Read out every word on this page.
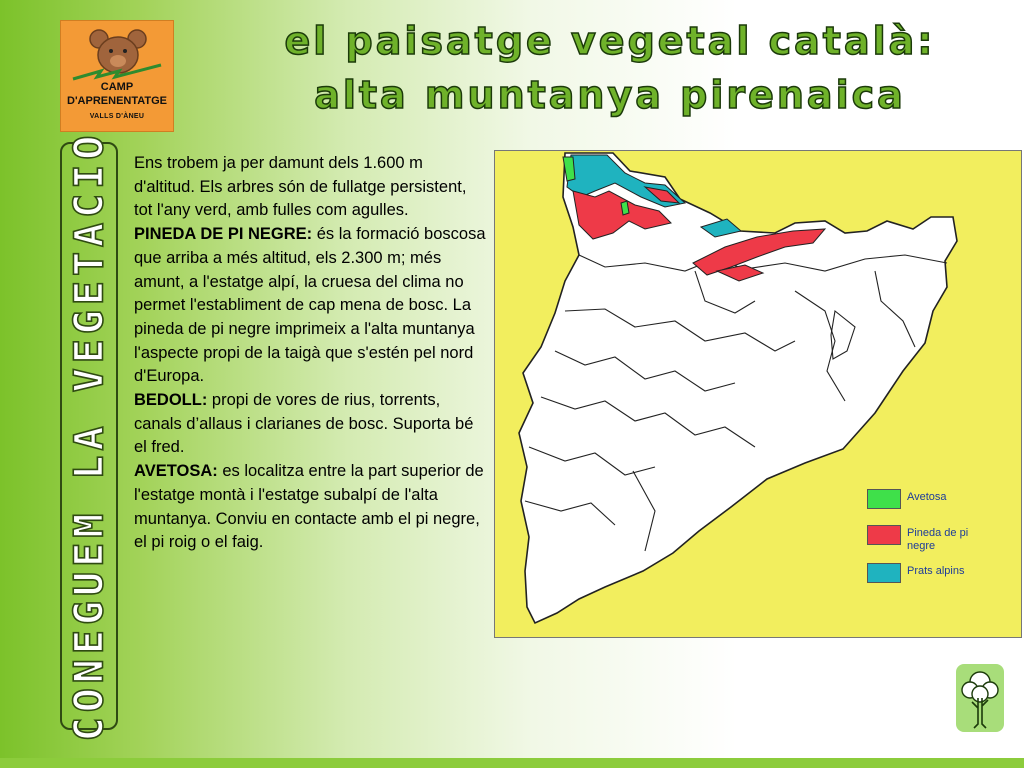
CAMP
D'APRENENTATGE
VALLS D'ÀNEU
el paisatge vegetal català:
alta muntanya pirenaica
CONEGUEM LA VEGETACIO Ens trobem ja per damunt dels 1.600 m d'altitud. Els arbres són de fullatge persistent, tot l'any verd, amb fulles com agulles.

PINEDA DE PI NEGRE: és la formació boscosa que arriba a més altitud, els 2.300 m; més amunt, a l'estatge alpí, la cruesa del clima no permet l'establiment de cap mena de bosc. La pineda de pi negre imprimeix a l'alta muntanya l'aspecte propi de la taigà que s'estén pel nord d'Europa.

BEDOLL: propi de vores de rius, torrents, canals d’allaus i clarianes de bosc. Suporta bé el fred.

AVETOSA: es localitza entre la part superior de l'estatge montà i l'estatge subalpí de l'alta muntanya. Conviu en contacte amb el pi negre, el pi roig o el faig.

Avetosa
Pineda de pi negre
Prats alpins
